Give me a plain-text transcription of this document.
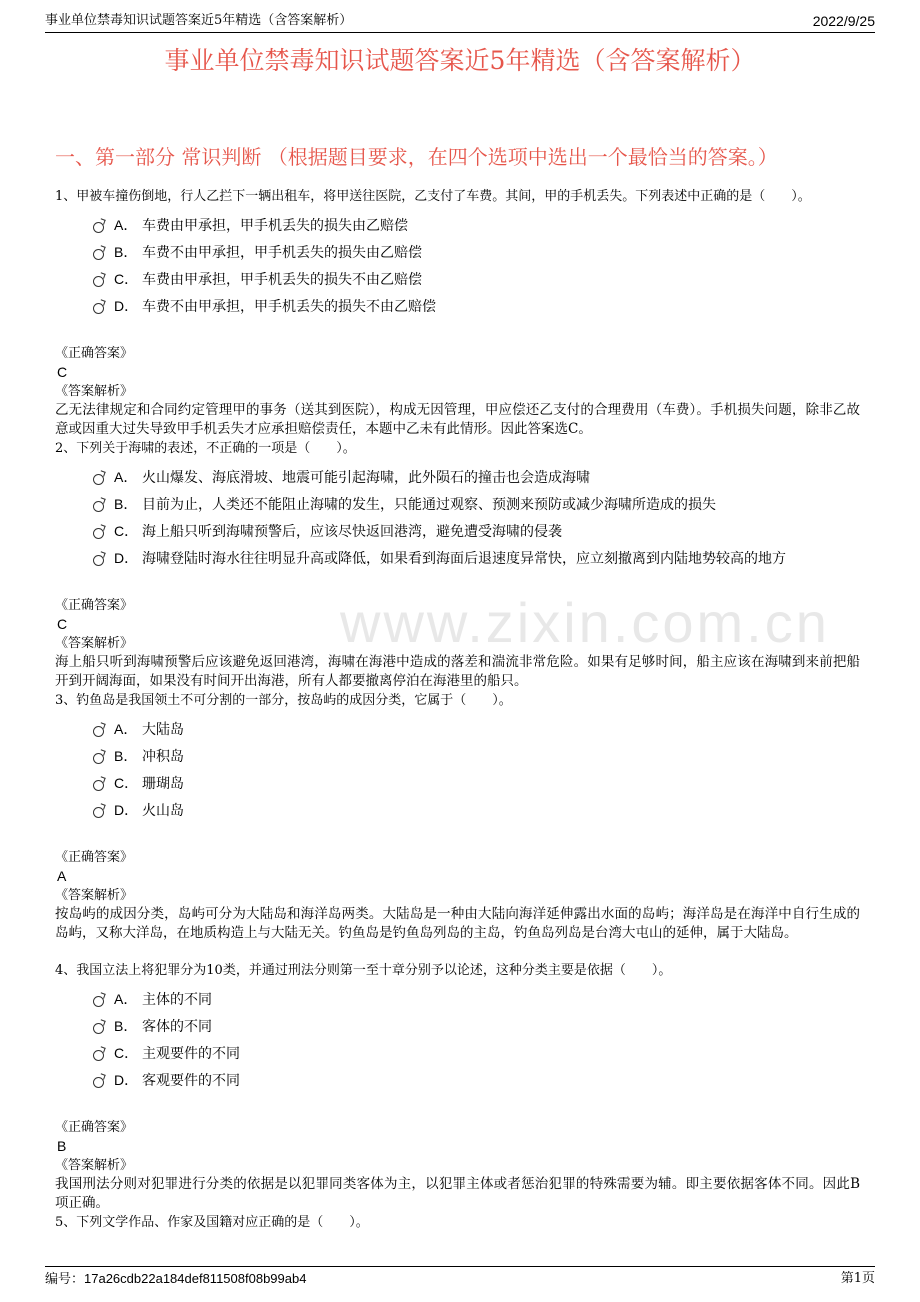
事业单位禁毒知识试题答案近5年精选（含答案解析）	2022/9/25
www.zixin.com.cn
事业单位禁毒知识试题答案近5年精选（含答案解析）
一、第一部分 常识判断 （根据题目要求，在四个选项中选出一个最恰当的答案。）

1、甲被车撞伤倒地，行人乙拦下一辆出租车，将甲送往医院，乙支付了车费。其间，甲的手机丢失。下列表述中正确的是（　　）。

A． 车费由甲承担，甲手机丢失的损失由乙赔偿
B． 车费不由甲承担，甲手机丢失的损失由乙赔偿
C． 车费由甲承担，甲手机丢失的损失不由乙赔偿
D． 车费不由甲承担，甲手机丢失的损失不由乙赔偿
《正确答案》
C
《答案解析》
乙无法律规定和合同约定管理甲的事务（送其到医院），构成无因管理，甲应偿还乙支付的合理费用（车费）。手机损失问题，除非乙故意或因重大过失导致甲手机丢失才应承担赔偿责任，本题中乙未有此情形。因此答案选C。

2、下列关于海啸的表述，不正确的一项是（　　）。

A． 火山爆发、海底滑坡、地震可能引起海啸，此外陨石的撞击也会造成海啸
B． 目前为止，人类还不能阻止海啸的发生，只能通过观察、预测来预防或减少海啸所造成的损失
C． 海上船只听到海啸预警后，应该尽快返回港湾，避免遭受海啸的侵袭
D． 海啸登陆时海水往往明显升高或降低，如果看到海面后退速度异常快，应立刻撤离到内陆地势较高的地方
《正确答案》
C
《答案解析》
海上船只听到海啸预警后应该避免返回港湾，海啸在海港中造成的落差和湍流非常危险。如果有足够时间，船主应该在海啸到来前把船开到开阔海面，如果没有时间开出海港，所有人都要撤离停泊在海港里的船只。

3、钓鱼岛是我国领土不可分割的一部分，按岛屿的成因分类，它属于（　　）。

A． 大陆岛
B． 冲积岛
C． 珊瑚岛
D． 火山岛
《正确答案》
A
《答案解析》
按岛屿的成因分类，岛屿可分为大陆岛和海洋岛两类。大陆岛是一种由大陆向海洋延伸露出水面的岛屿；海洋岛是在海洋中自行生成的岛屿，又称大洋岛，在地质构造上与大陆无关。钓鱼岛是钓鱼岛列岛的主岛，钓鱼岛列岛是台湾大屯山的延伸，属于大陆岛。

4、我国立法上将犯罪分为10类，并通过刑法分则第一至十章分别予以论述，这种分类主要是依据（　　）。

A． 主体的不同
B． 客体的不同
C． 主观要件的不同
D． 客观要件的不同
《正确答案》
B
《答案解析》
我国刑法分则对犯罪进行分类的依据是以犯罪同类客体为主，以犯罪主体或者惩治犯罪的特殊需要为辅。即主要依据客体不同。因此B项正确。

5、下列文学作品、作家及国籍对应正确的是（　　）。

编号：17a26cdb22a184def811508f08b99ab4	第1页
